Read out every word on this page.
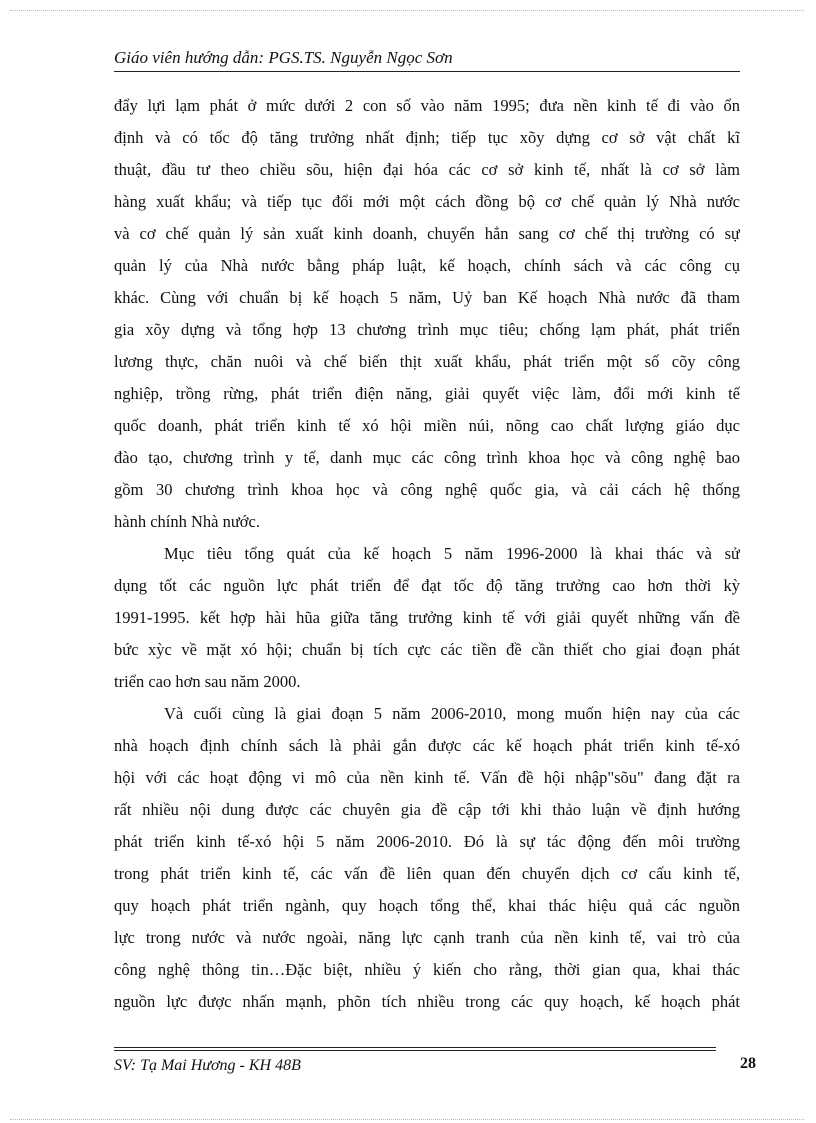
Giáo viên hướng dẫn: PGS.TS. Nguyễn Ngọc Sơn
đẩy lựi lạm phát ở mức dưới 2 con số vào năm 1995; đưa nền kinh tế đi vào ổn
định và có tốc độ tăng trưởng nhất định; tiếp tục xõy dựng cơ sở vật chất kĩ
thuật, đầu tư theo chiều sõu, hiện đại hóa các cơ sở kinh tế, nhất là cơ sở làm
hàng xuất khẩu; và tiếp tục đổi mới một cách đồng bộ cơ chế quản lý Nhà nước
và cơ chế quản lý sản xuất kinh doanh, chuyển hẳn sang cơ chế thị trường có sự
quản lý của Nhà nước bằng pháp luật, kế hoạch, chính sách và các công cụ
khác. Cùng với chuẩn bị kế hoạch 5 năm, Uỷ ban Kế hoạch Nhà nước đã tham
gia xõy dựng và tổng hợp 13 chương trình mục tiêu; chống lạm phát, phát triển
lương thực, chăn nuôi và chế biến thịt xuất khẩu, phát triển một số cõy công
nghiệp, trồng rừng, phát triển điện năng, giải quyết việc làm, đổi mới kinh tế
quốc doanh, phát triển kinh tế xó hội miền núi, nõng cao chất lượng giáo dục
đào tạo, chương trình y tế, danh mục các công trình khoa học và công nghệ bao
gồm 30 chương trình khoa học và công nghệ quốc gia, và cải cách hệ thống
hành chính Nhà nước.
Mục tiêu tổng quát của kế hoạch 5 năm 1996-2000 là khai thác và sử
dụng tốt các nguồn lực phát triển để đạt tốc độ tăng trưởng cao hơn thời kỳ
1991-1995. kết hợp hài hũa giữa tăng trưởng kinh tế với giải quyết những vấn đề
bức xỳc về mặt xó hội; chuẩn bị tích cực các tiền đề cần thiết cho giai đoạn phát
triển cao hơn sau năm 2000.
Và cuối cùng là giai đoạn 5 năm 2006-2010, mong muốn hiện nay của các
nhà hoạch định chính sách là phải gắn được các kế hoạch phát triển kinh tế-xó
hội với các hoạt động vi mô của nền kinh tế. Vấn đề hội nhập"sõu" đang đặt ra
rất nhiều nội dung được các chuyên gia đề cập tới khi thảo luận về định hướng
phát triển kinh tế-xó hội 5 năm 2006-2010. Đó là sự tác động đến môi trường
trong phát triển kinh tế, các vấn đề liên quan đến chuyển dịch cơ cấu kinh tế,
quy hoạch phát triển ngành, quy hoạch tổng thể, khai thác hiệu quả các nguồn
lực trong nước và nước ngoài, năng lực cạnh tranh của nền kinh tế, vai trò của
công nghệ thông tin…Đặc biệt, nhiều ý kiến cho rằng, thời gian qua, khai thác
nguồn lực được nhấn mạnh, phõn tích nhiều trong các quy hoạch, kế hoạch phát
SV: Tạ Mai Hương - KH 48B	28
